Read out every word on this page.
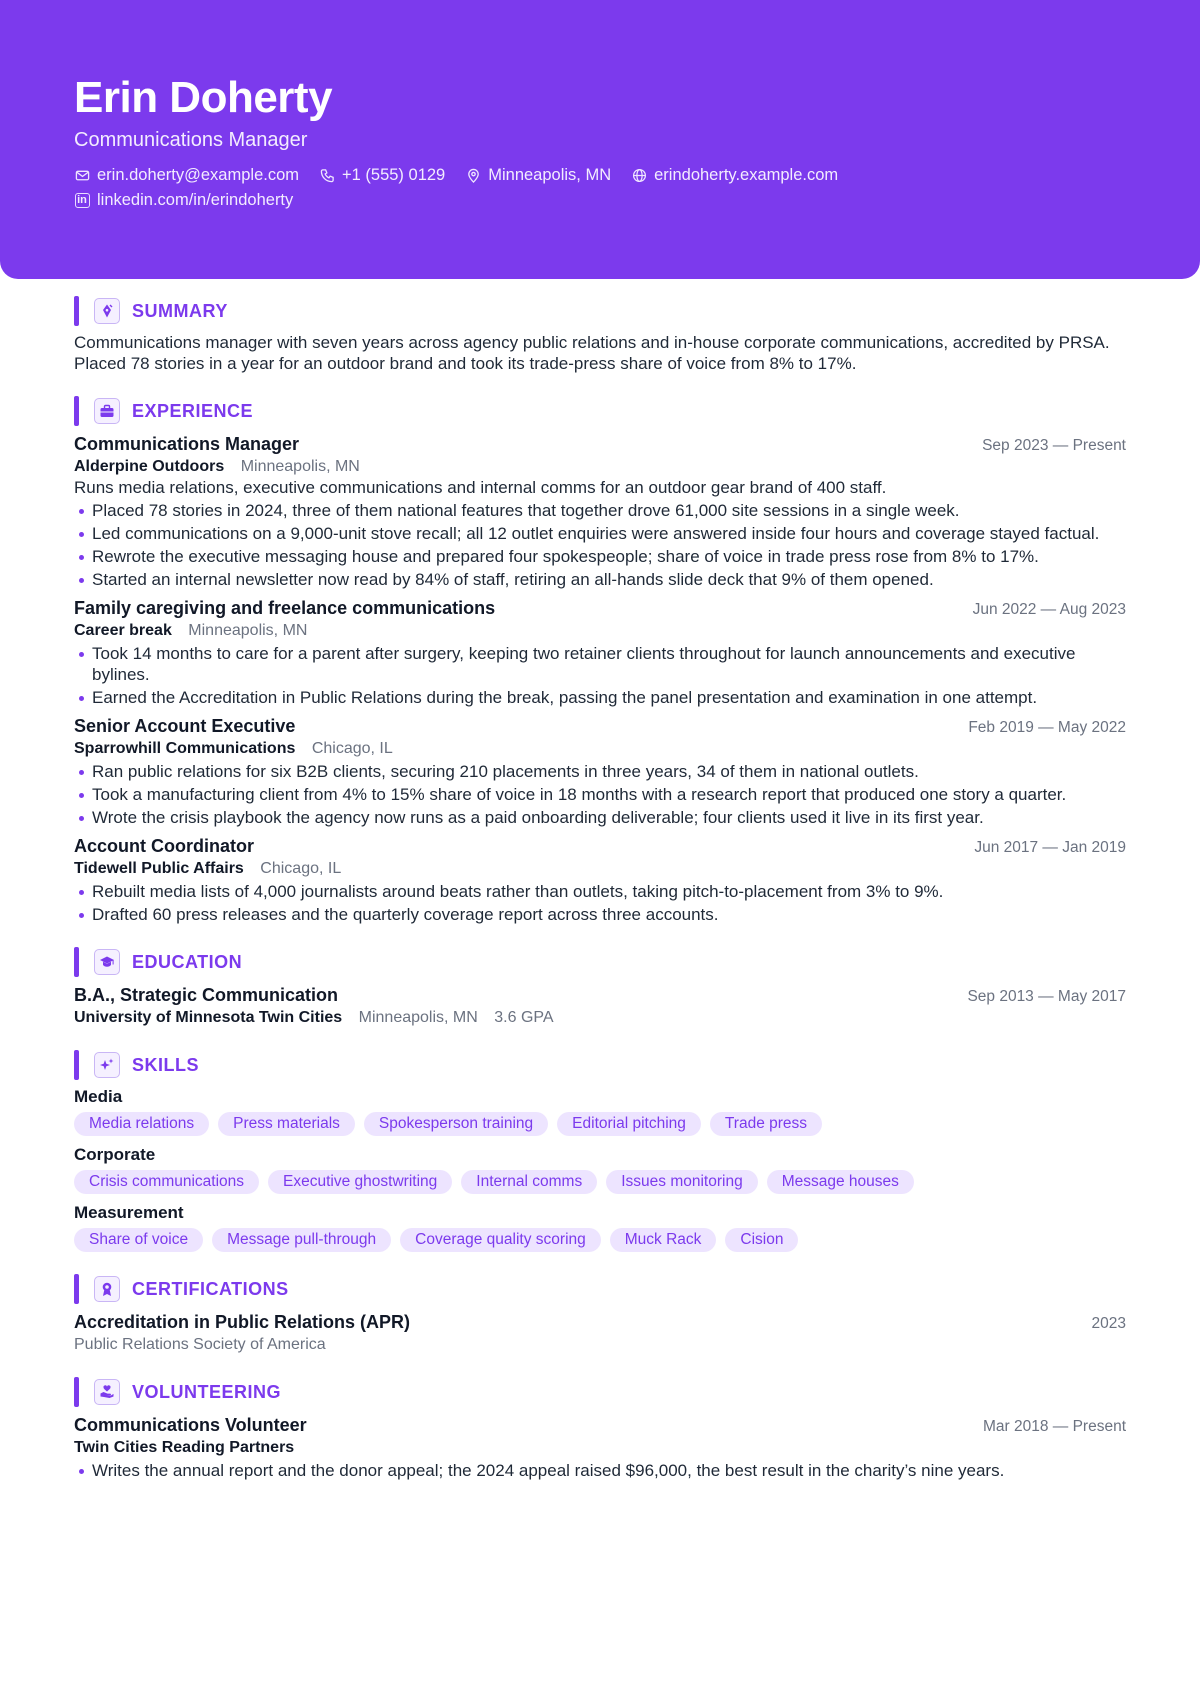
Erin Doherty
Communications Manager
erin.doherty@example.com	+1 (555) 0129	Minneapolis, MN	erindoherty.example.com
in linkedin.com/in/erindoherty
SUMMARY
Communications manager with seven years across agency public relations and in-house corporate communications, accredited by PRSA. Placed 78 stories in a year for an outdoor brand and took its trade-press share of voice from 8% to 17%.
EXPERIENCE
Communications Manager	Sep 2023 — Present
Alderpine Outdoors Minneapolis, MN
Runs media relations, executive communications and internal comms for an outdoor gear brand of 400 staff.
Placed 78 stories in 2024, three of them national features that together drove 61,000 site sessions in a single week.
Led communications on a 9,000-unit stove recall; all 12 outlet enquiries were answered inside four hours and coverage stayed factual.
Rewrote the executive messaging house and prepared four spokespeople; share of voice in trade press rose from 8% to 17%.
Started an internal newsletter now read by 84% of staff, retiring an all-hands slide deck that 9% of them opened.
Family caregiving and freelance communications	Jun 2022 — Aug 2023
Career break Minneapolis, MN
Took 14 months to care for a parent after surgery, keeping two retainer clients throughout for launch announcements and executive bylines.
Earned the Accreditation in Public Relations during the break, passing the panel presentation and examination in one attempt.
Senior Account Executive	Feb 2019 — May 2022
Sparrowhill Communications Chicago, IL
Ran public relations for six B2B clients, securing 210 placements in three years, 34 of them in national outlets.
Took a manufacturing client from 4% to 15% share of voice in 18 months with a research report that produced one story a quarter.
Wrote the crisis playbook the agency now runs as a paid onboarding deliverable; four clients used it live in its first year.
Account Coordinator	Jun 2017 — Jan 2019
Tidewell Public Affairs Chicago, IL
Rebuilt media lists of 4,000 journalists around beats rather than outlets, taking pitch-to-placement from 3% to 9%.
Drafted 60 press releases and the quarterly coverage report across three accounts.
EDUCATION
B.A., Strategic Communication	Sep 2013 — May 2017
University of Minnesota Twin Cities Minneapolis, MN 3.6 GPA
SKILLS
Media
Media relations	Press materials	Spokesperson training	Editorial pitching	Trade press
Corporate
Crisis communications	Executive ghostwriting	Internal comms	Issues monitoring	Message houses
Measurement
Share of voice	Message pull-through	Coverage quality scoring	Muck Rack	Cision
CERTIFICATIONS
Accreditation in Public Relations (APR)	2023
Public Relations Society of America
VOLUNTEERING
Communications Volunteer	Mar 2018 — Present
Twin Cities Reading Partners
Writes the annual report and the donor appeal; the 2024 appeal raised $96,000, the best result in the charity’s nine years.
